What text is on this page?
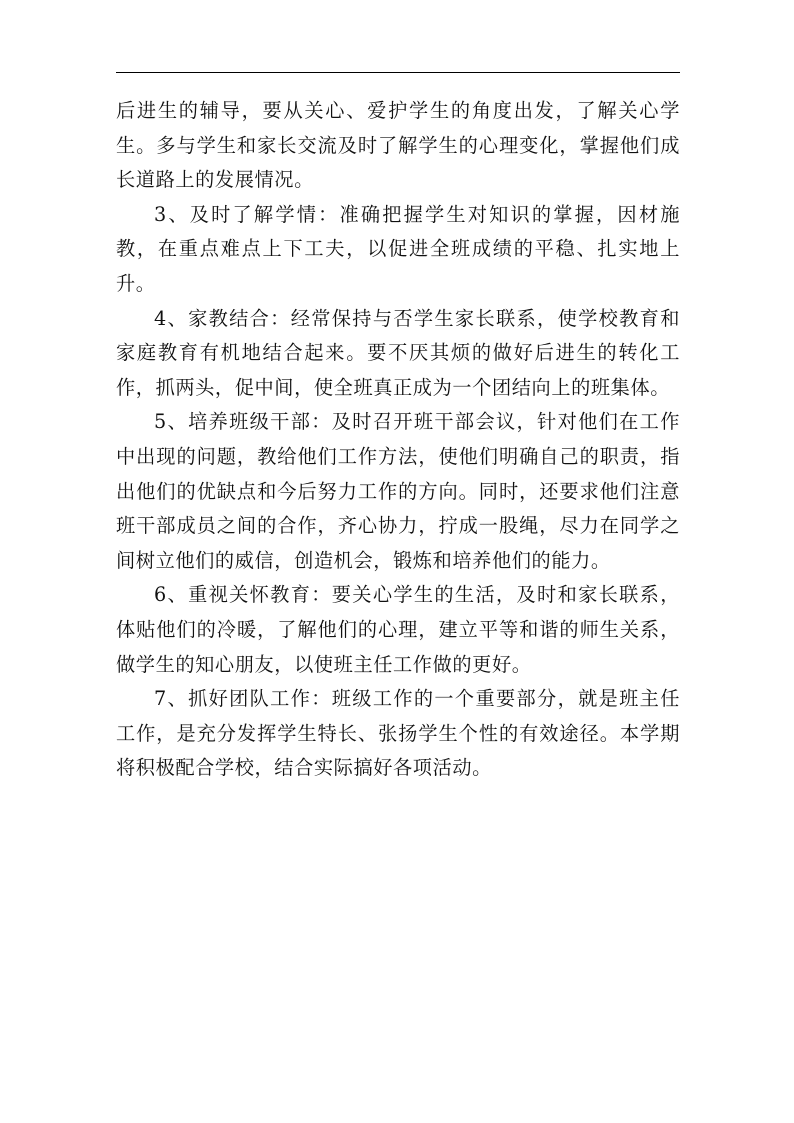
后进生的辅导，要从关心、爱护学生的角度出发，了解关心学生。多与学生和家长交流及时了解学生的心理变化，掌握他们成长道路上的发展情况。

3、及时了解学情：准确把握学生对知识的掌握，因材施教，在重点难点上下工夫，以促进全班成绩的平稳、扎实地上升。

4、家教结合：经常保持与否学生家长联系，使学校教育和家庭教育有机地结合起来。要不厌其烦的做好后进生的转化工作，抓两头，促中间，使全班真正成为一个团结向上的班集体。

5、培养班级干部：及时召开班干部会议，针对他们在工作中出现的问题，教给他们工作方法，使他们明确自己的职责，指出他们的优缺点和今后努力工作的方向。同时，还要求他们注意班干部成员之间的合作，齐心协力，拧成一股绳，尽力在同学之间树立他们的威信，创造机会，锻炼和培养他们的能力。

6、重视关怀教育：要关心学生的生活，及时和家长联系，体贴他们的冷暖，了解他们的心理，建立平等和谐的师生关系，做学生的知心朋友，以使班主任工作做的更好。

7、抓好团队工作：班级工作的一个重要部分，就是班主任工作，是充分发挥学生特长、张扬学生个性的有效途径。本学期将积极配合学校，结合实际搞好各项活动。
